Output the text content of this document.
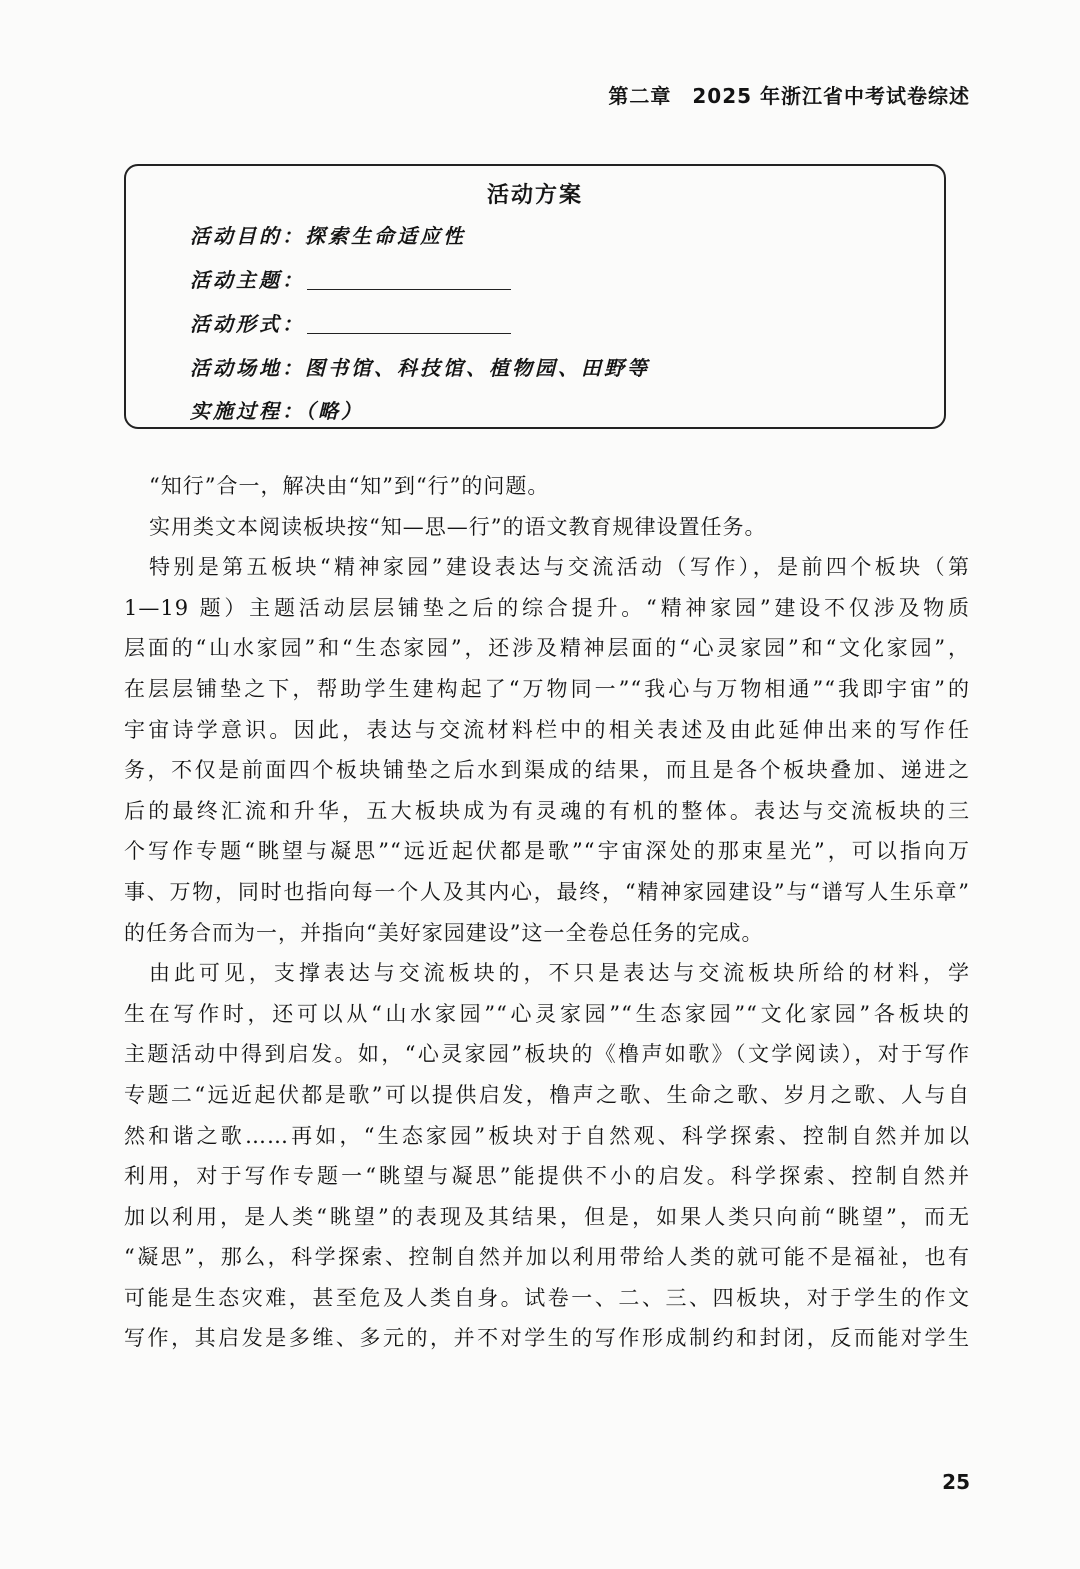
第二章　2025 年浙江省中考试卷综述
活动方案
活动目的：探索生命适应性
活动主题：
活动形式：
活动场地：图书馆、科技馆、植物园、田野等
实施过程：（略）
“知行”合一，解决由“知”到“行”的问题。
实用类文本阅读板块按“知—思—行”的语文教育规律设置任务。
特别是第五板块“精神家园”建设表达与交流活动（写作），是前四个板块（第
1—19 题）主题活动层层铺垫之后的综合提升。“精神家园”建设不仅涉及物质
层面的“山水家园”和“生态家园”，还涉及精神层面的“心灵家园”和“文化家园”，
在层层铺垫之下，帮助学生建构起了“万物同一”“我心与万物相通”“我即宇宙”的
宇宙诗学意识。因此，表达与交流材料栏中的相关表述及由此延伸出来的写作任
务，不仅是前面四个板块铺垫之后水到渠成的结果，而且是各个板块叠加、递进之
后的最终汇流和升华，五大板块成为有灵魂的有机的整体。表达与交流板块的三
个写作专题“眺望与凝思”“远近起伏都是歌”“宇宙深处的那束星光”，可以指向万
事、万物，同时也指向每一个人及其内心，最终，“精神家园建设”与“谱写人生乐章”
的任务合而为一，并指向“美好家园建设”这一全卷总任务的完成。
由此可见，支撑表达与交流板块的，不只是表达与交流板块所给的材料，学
生在写作时，还可以从“山水家园”“心灵家园”“生态家园”“文化家园”各板块的
主题活动中得到启发。如，“心灵家园”板块的《橹声如歌》（文学阅读），对于写作
专题二“远近起伏都是歌”可以提供启发，橹声之歌、生命之歌、岁月之歌、人与自
然和谐之歌……再如，“生态家园”板块对于自然观、科学探索、控制自然并加以
利用，对于写作专题一“眺望与凝思”能提供不小的启发。科学探索、控制自然并
加以利用，是人类“眺望”的表现及其结果，但是，如果人类只向前“眺望”，而无
“凝思”，那么，科学探索、控制自然并加以利用带给人类的就可能不是福祉，也有
可能是生态灾难，甚至危及人类自身。试卷一、二、三、四板块，对于学生的作文
写作，其启发是多维、多元的，并不对学生的写作形成制约和封闭，反而能对学生
25
